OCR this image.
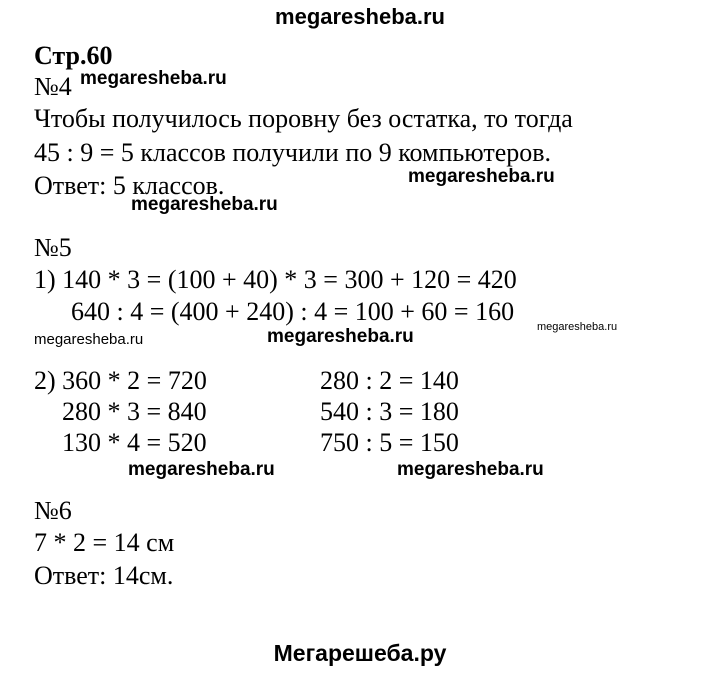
megaresheba.ru
Стр.60
№4 megaresheba.ru
Чтобы получилось поровну без остатка, то тогда
45 : 9 = 5 классов получили по 9 компьютеров.
Ответ: 5 классов.	megaresheba.ru
megaresheba.ru
№5
1) 140 * 3 = (100 + 40) * 3 = 300 + 120 = 420
640 : 4 = (400 + 240) : 4 = 100 + 60 = 160
megaresheba.ru
megaresheba.ru
megaresheba.ru
2) 360 * 2 = 720
280 * 3 = 840
130 * 4 = 520
280 : 2 = 140
540 : 3 = 180
750 : 5 = 150
megaresheba.ru	megaresheba.ru
№6
7 * 2 = 14 см
Ответ: 14см.
Мегарешеба.ру
